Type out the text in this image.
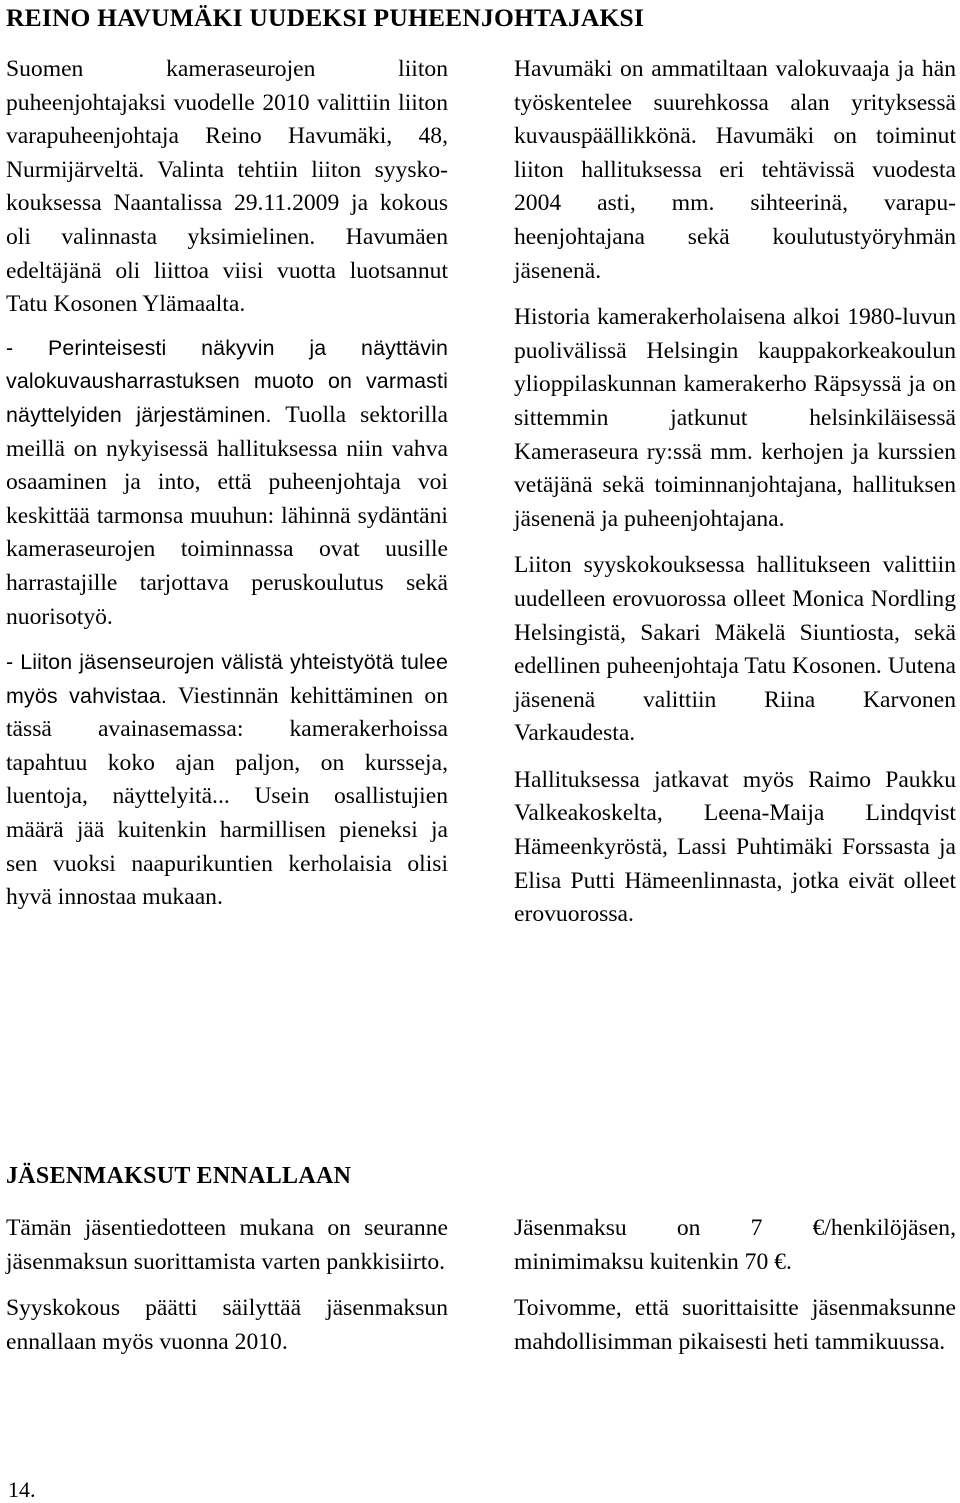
REINO HAVUMÄKI UUDEKSI PUHEENJOHTAJAKSI

Suomen kameraseurojen liiton puheenjohtajaksi vuodelle 2010 valittiin liiton varapuheenjohtaja Reino Havumäki, 48, Nurmijärveltä. Valinta tehtiin liiton syyskokouksessa Naantalissa 29.11.2009 ja kokous oli valinnasta yksimielinen. Havumäen edeltäjänä oli liittoa viisi vuotta luotsannut Tatu Kosonen Ylämaalta.

- Perinteisesti näkyvin ja näyttävin valokuvausharrastuksen muoto on varmasti näyttelyiden järjestäminen. Tuolla sektorilla meillä on nykyisessä hallituksessa niin vahva osaaminen ja into, että puheenjohtaja voi keskittää tarmonsa muuhun: lähinnä sydäntäni kameraseurojen toiminnassa ovat uusille harrastajille tarjottava peruskoulutus sekä nuorisotyö.

- Liiton jäsenseurojen välistä yhteistyötä tulee myös vahvistaa. Viestinnän kehittäminen on tässä avainasemassa: kamerakerhoissa tapahtuu koko ajan paljon, on kursseja, luentoja, näyttelyitä... Usein osallistujien määrä jää kuitenkin harmillisen pieneksi ja sen vuoksi naapurikuntien kerholaisia olisi hyvä innostaa mukaan.

Havumäki on ammatiltaan valokuvaaja ja hän työskentelee suurehkossa alan yrityksessä kuvauspäällikkönä. Havumäki on toiminut liiton hallituksessa eri tehtävissä vuodesta 2004 asti, mm. sihteerinä, varapuheenjohtajana sekä koulutustyöryhmän jäsenenä.

Historia kamerakerholaisena alkoi 1980-luvun puolivälissä Helsingin kauppakorkeakoulun ylioppilaskunnan kamerakerho Räpsyssä ja on sittemmin jatkunut helsinkiläisessä Kameraseura ry:ssä mm. kerhojen ja kurssien vetäjänä sekä toiminnanjohtajana, hallituksen jäsenenä ja puheenjohtajana.

Liiton syyskokouksessa hallitukseen valittiin uudelleen erovuorossa olleet Monica Nordling Helsingistä, Sakari Mäkelä Siuntiosta, sekä edellinen puheenjohtaja Tatu Kosonen. Uutena jäsenenä valittiin Riina Karvonen Varkaudesta.

Hallituksessa jatkavat myös Raimo Paukku Valkeakoskelta, Leena-Maija Lindqvist Hämeenkyröstä, Lassi Puhtimäki Forssasta ja Elisa Putti Hämeenlinnasta, jotka eivät olleet erovuorossa.

JÄSENMAKSUT ENNALLAAN

Tämän jäsentiedotteen mukana on seuranne jäsenmaksun suorittamista varten pankkisiirto.

Syyskokous päätti säilyttää jäsenmaksun ennallaan myös vuonna 2010.

Jäsenmaksu on 7 €/henkilöjäsen, minimimaksu kuitenkin 70 €.

Toivomme, että suorittaisitte jäsenmaksunne mahdollisimman pikaisesti heti tammikuussa.

14.
